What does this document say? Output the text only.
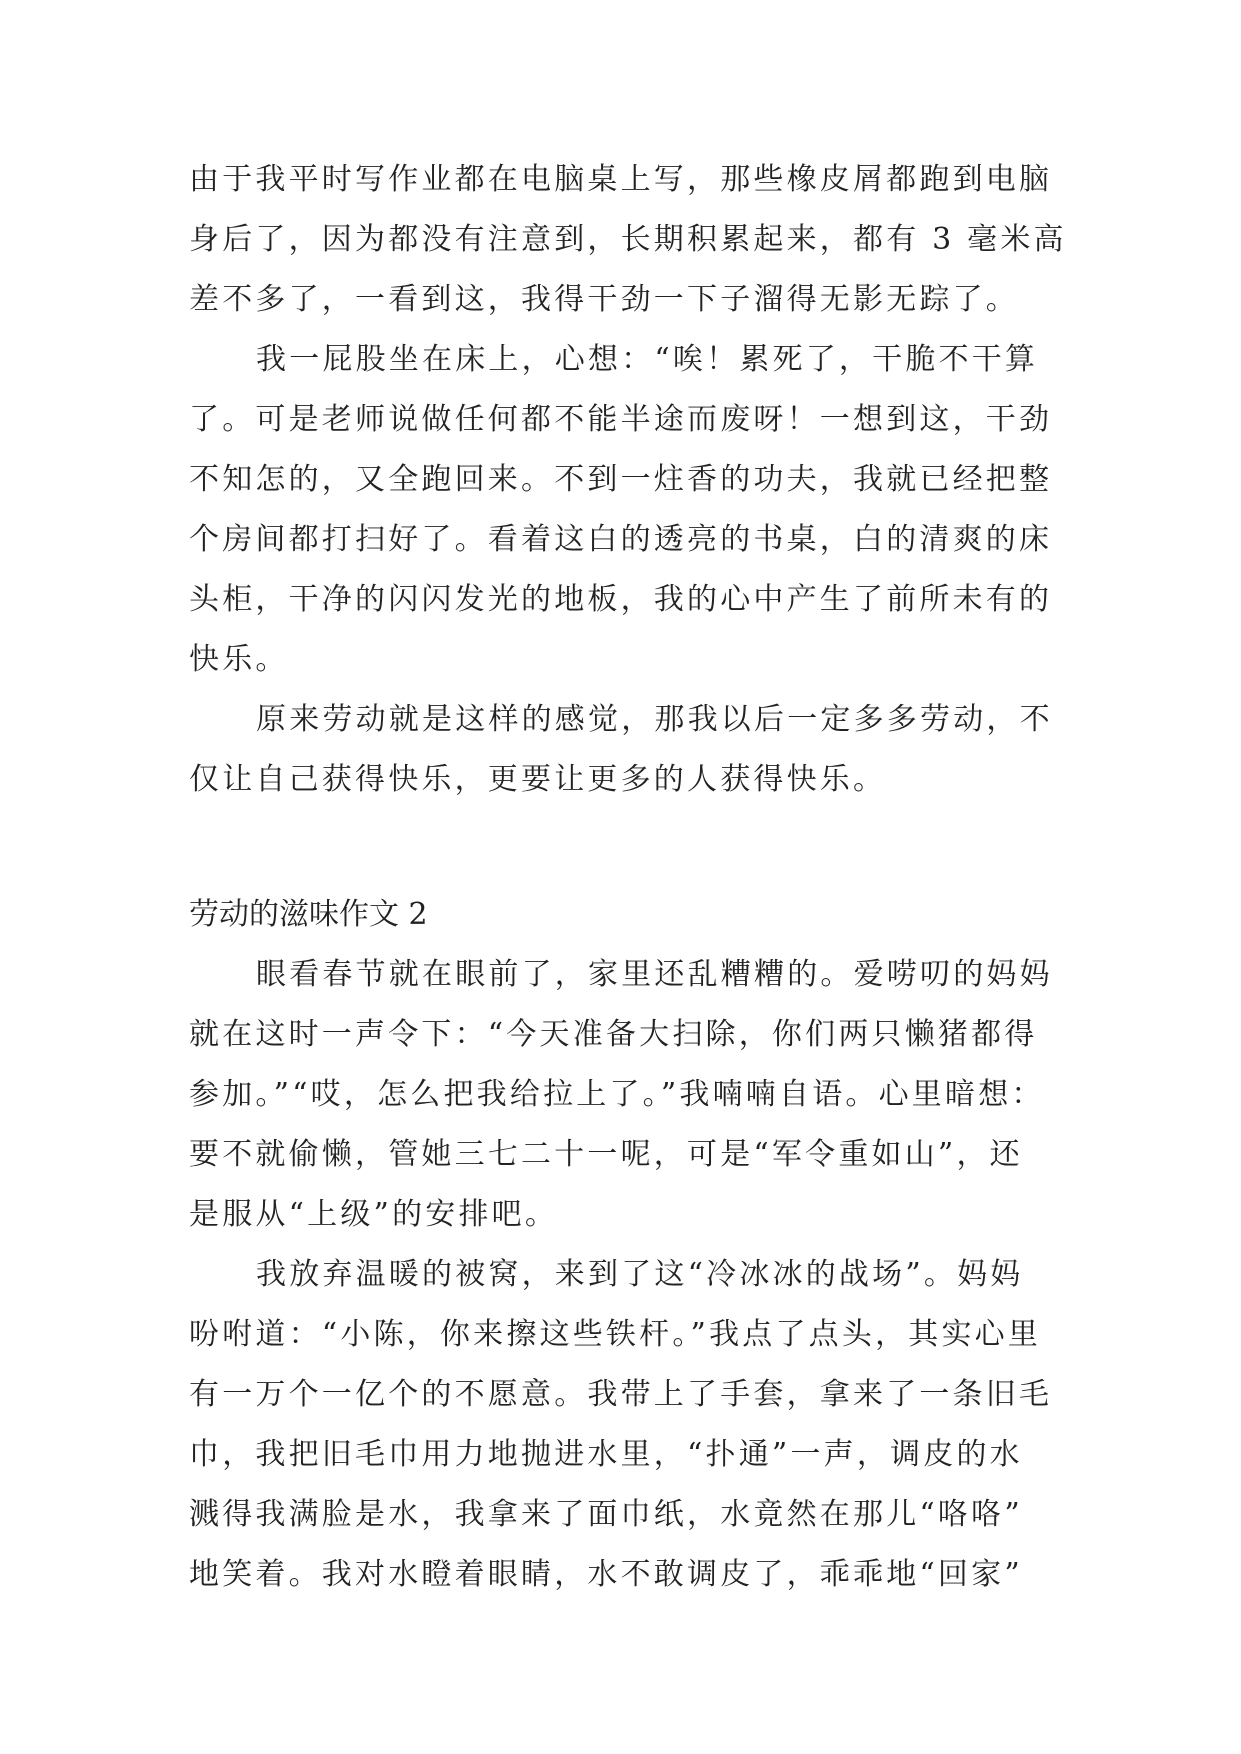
由于我平时写作业都在电脑桌上写，那些橡皮屑都跑到电脑
身后了，因为都没有注意到，长期积累起来，都有 3 毫米高
差不多了，一看到这，我得干劲一下子溜得无影无踪了。
我一屁股坐在床上，心想：“唉！累死了，干脆不干算
了。可是老师说做任何都不能半途而废呀！一想到这，干劲
不知怎的，又全跑回来。不到一炷香的功夫，我就已经把整
个房间都打扫好了。看着这白的透亮的书桌，白的清爽的床
头柜，干净的闪闪发光的地板，我的心中产生了前所未有的
快乐。
原来劳动就是这样的感觉，那我以后一定多多劳动，不
仅让自己获得快乐，更要让更多的人获得快乐。
劳动的滋味作文 2
眼看春节就在眼前了，家里还乱糟糟的。爱唠叨的妈妈
就在这时一声令下：“今天准备大扫除，你们两只懒猪都得
参加。”“哎，怎么把我给拉上了。”我喃喃自语。心里暗想：
要不就偷懒，管她三七二十一呢，可是“军令重如山”，还
是服从“上级”的安排吧。
我放弃温暖的被窝，来到了这“冷冰冰的战场”。妈妈
吩咐道：“小陈，你来擦这些铁杆。”我点了点头，其实心里
有一万个一亿个的不愿意。我带上了手套，拿来了一条旧毛
巾，我把旧毛巾用力地抛进水里，“扑通”一声，调皮的水
溅得我满脸是水，我拿来了面巾纸，水竟然在那儿“咯咯”
地笑着。我对水瞪着眼睛，水不敢调皮了，乖乖地“回家”
